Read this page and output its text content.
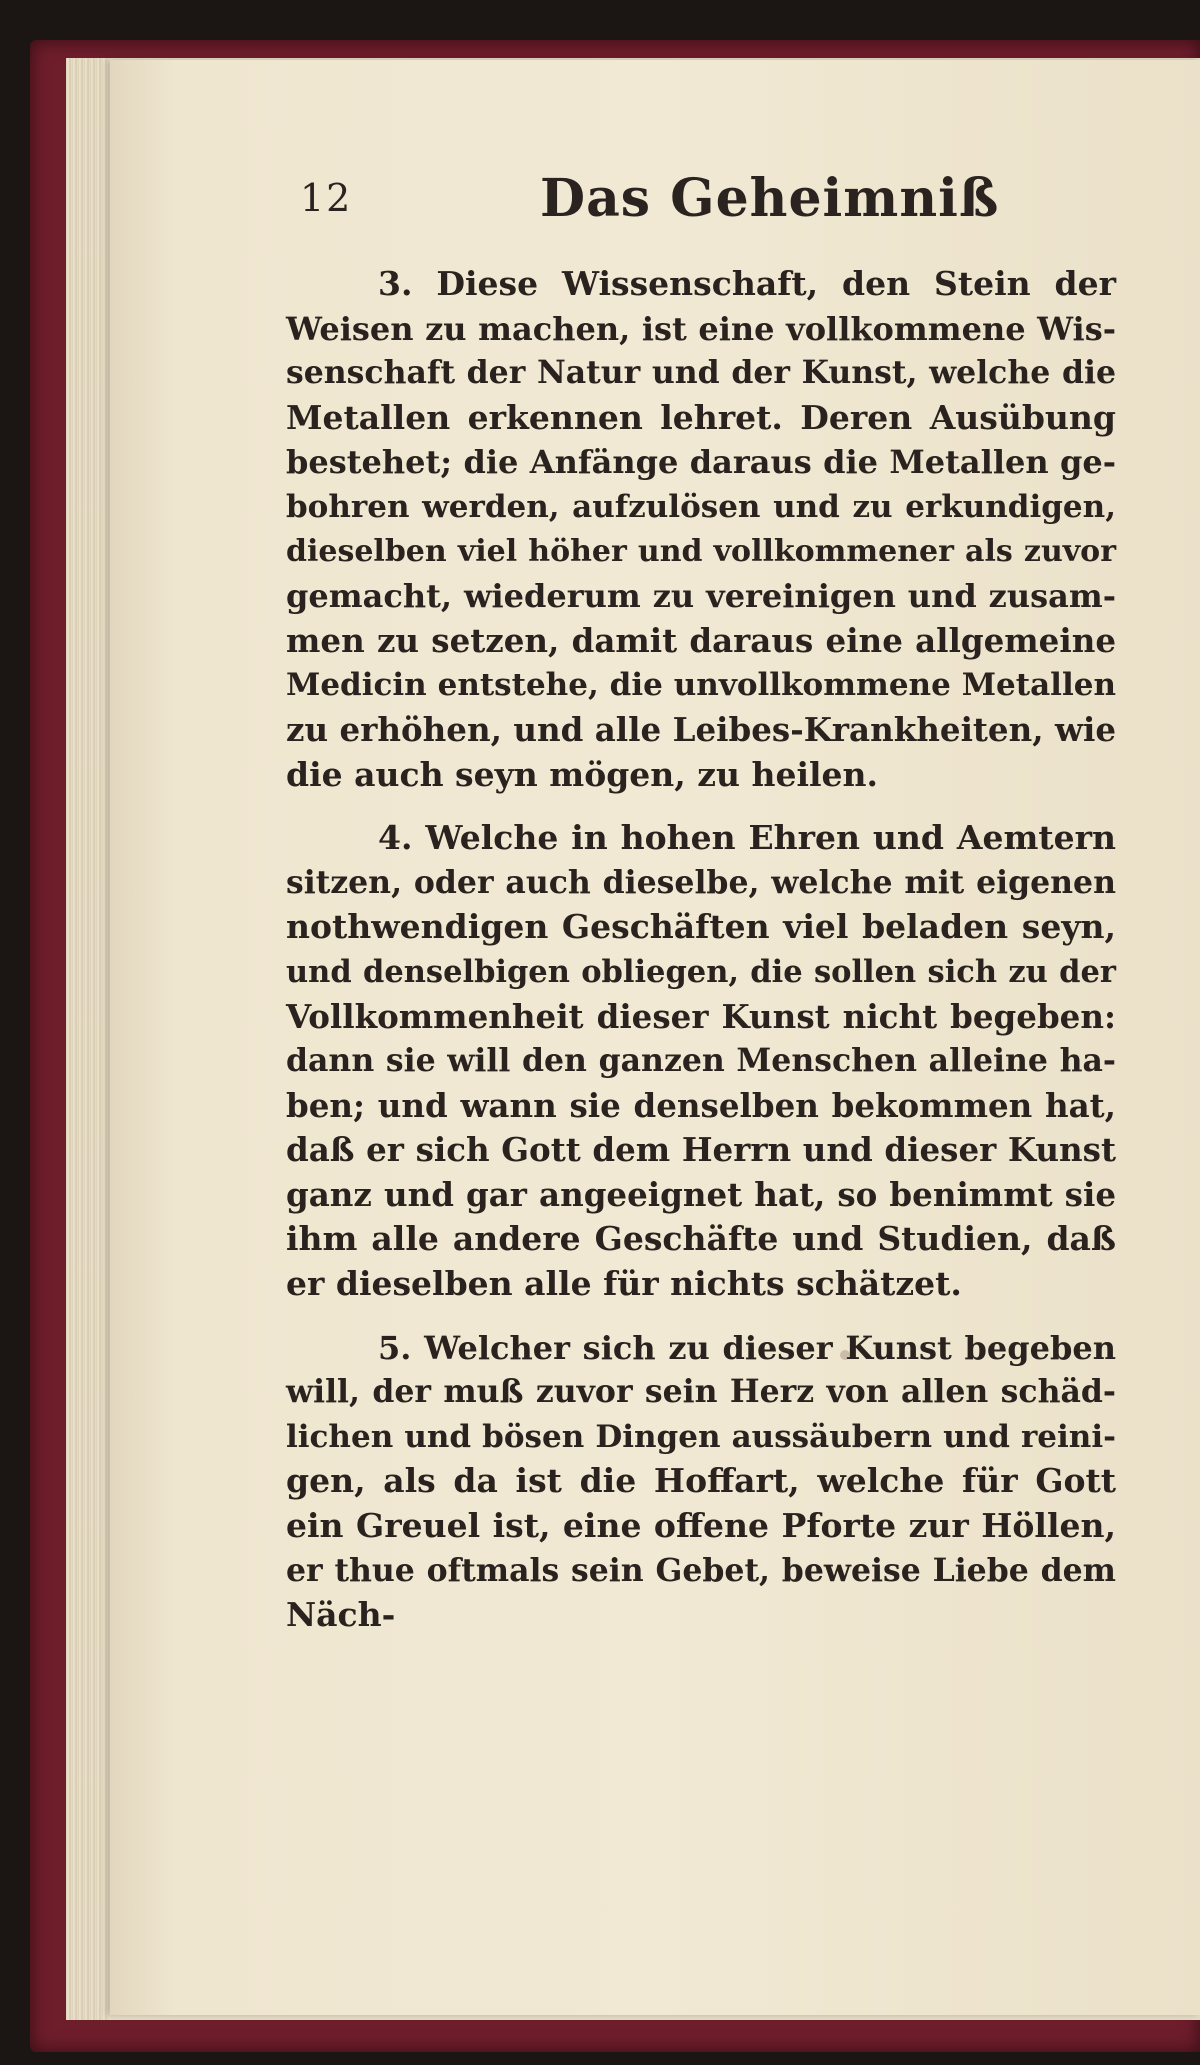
12	Das Geheimniß
3. Diese Wissenschaft, den Stein der
Weisen zu machen, ist eine vollkommene Wis-
senschaft der Natur und der Kunst, welche die
Metallen erkennen lehret. Deren Ausübung
bestehet; die Anfänge daraus die Metallen ge-
bohren werden, aufzulösen und zu erkundigen,
dieselben viel höher und vollkommener als zuvor
gemacht, wiederum zu vereinigen und zusam-
men zu setzen, damit daraus eine allgemeine
Medicin entstehe, die unvollkommene Metallen
zu erhöhen, und alle Leibes-Krankheiten, wie
die auch seyn mögen, zu heilen.
4. Welche in hohen Ehren und Aemtern
sitzen, oder auch dieselbe, welche mit eigenen
nothwendigen Geschäften viel beladen seyn,
und denselbigen obliegen, die sollen sich zu der
Vollkommenheit dieser Kunst nicht begeben:
dann sie will den ganzen Menschen alleine ha-
ben; und wann sie denselben bekommen hat,
daß er sich Gott dem Herrn und dieser Kunst
ganz und gar angeeignet hat, so benimmt sie
ihm alle andere Geschäfte und Studien, daß
er dieselben alle für nichts schätzet.
5. Welcher sich zu dieser Kunst begeben
will, der muß zuvor sein Herz von allen schäd-
lichen und bösen Dingen aussäubern und reini-
gen, als da ist die Hoffart, welche für Gott
ein Greuel ist, eine offene Pforte zur Höllen,
er thue oftmals sein Gebet, beweise Liebe dem
Näch-
